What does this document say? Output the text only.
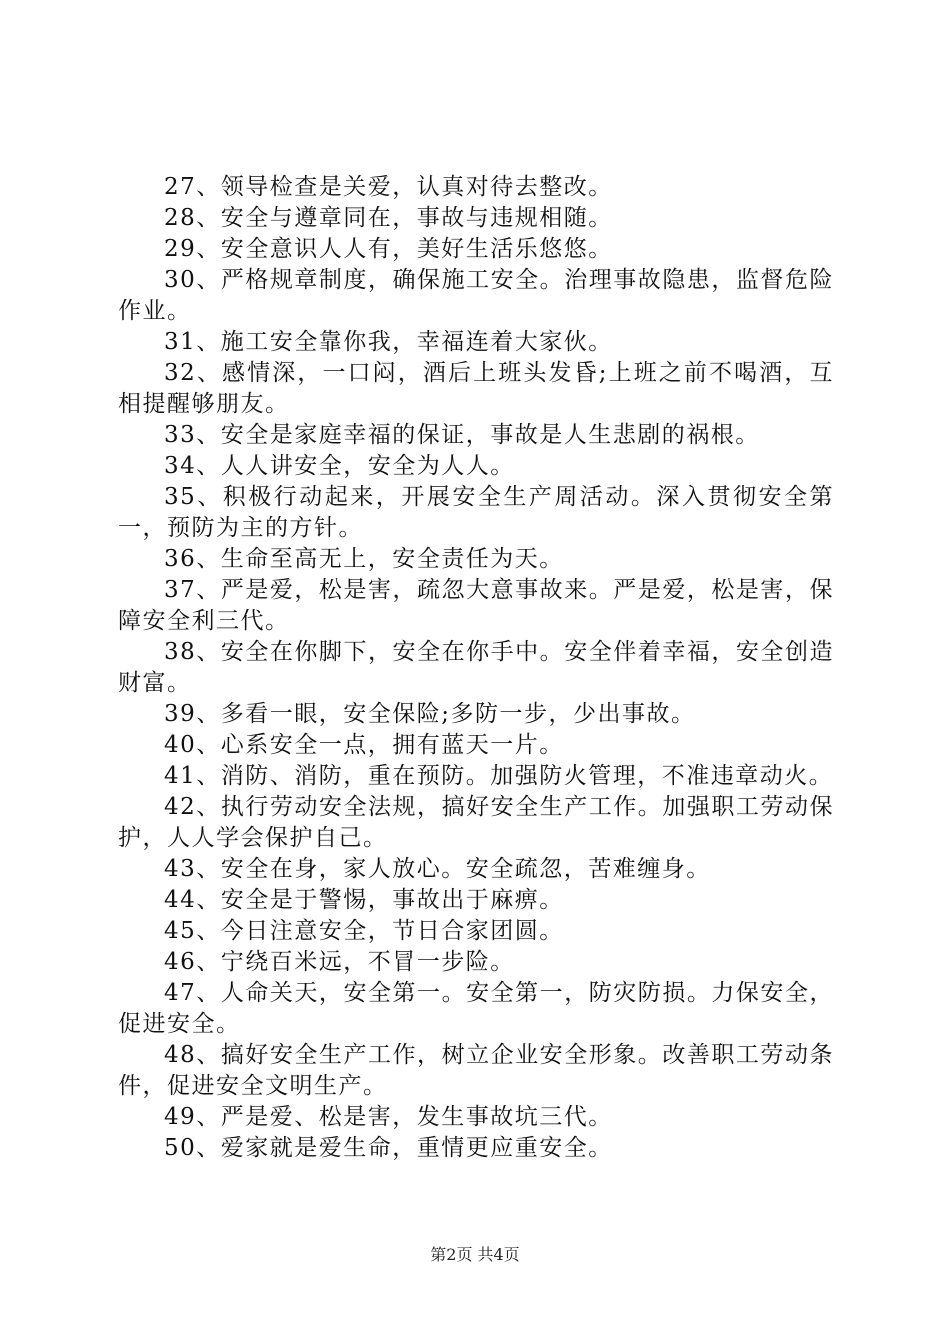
27、领导检查是关爱，认真对待去整改。

28、安全与遵章同在，事故与违规相随。

29、安全意识人人有，美好生活乐悠悠。

30、严格规章制度，确保施工安全。治理事故隐患，监督危险作业。

31、施工安全靠你我，幸福连着大家伙。

32、感情深，一口闷，酒后上班头发昏;上班之前不喝酒，互相提醒够朋友。

33、安全是家庭幸福的保证，事故是人生悲剧的祸根。

34、人人讲安全，安全为人人。

35、积极行动起来，开展安全生产周活动。深入贯彻安全第一，预防为主的方针。

36、生命至高无上，安全责任为天。

37、严是爱，松是害，疏忽大意事故来。严是爱，松是害，保障安全利三代。

38、安全在你脚下，安全在你手中。安全伴着幸福，安全创造财富。

39、多看一眼，安全保险;多防一步，少出事故。

40、心系安全一点，拥有蓝天一片。

41、消防、消防，重在预防。加强防火管理，不准违章动火。

42、执行劳动安全法规，搞好安全生产工作。加强职工劳动保护，人人学会保护自己。

43、安全在身，家人放心。安全疏忽，苦难缠身。

44、安全是于警惕，事故出于麻痹。

45、今日注意安全，节日合家团圆。

46、宁绕百米远，不冒一步险。

47、人命关天，安全第一。安全第一，防灾防损。力保安全，促进安全。

48、搞好安全生产工作，树立企业安全形象。改善职工劳动条件，促进安全文明生产。

49、严是爱、松是害，发生事故坑三代。

50、爱家就是爱生命，重情更应重安全。

第2页 共4页
